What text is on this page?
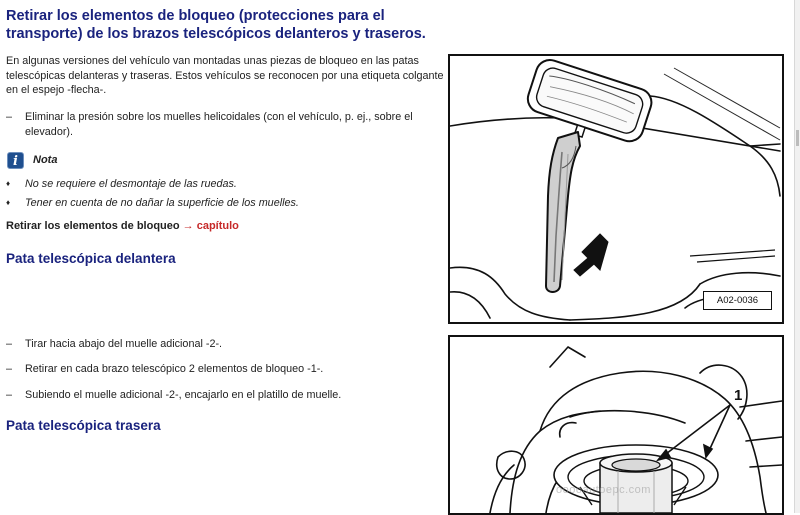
Retirar los elementos de bloqueo (protecciones para el transporte) de los brazos telescópicos delanteros y traseros.

En algunas versiones del vehículo van montadas unas piezas de bloqueo en las patas telescópicas delanteras y traseras. Estos vehículos se reconocen por una etiqueta colgante en el espejo -flecha-.

– Eliminar la presión sobre los muelles helicoidales (con el vehículo, p. ej., sobre el elevador).
i	Nota
♦ No se requiere el desmontaje de las ruedas.
♦ Tener en cuenta de no dañar la superficie de los muelles.
Retirar los elementos de bloqueo → capítulo
Pata telescópica delantera
– Tirar hacia abajo del muelle adicional -2-.
– Retirar en cada brazo telescópico 2 elementos de bloqueo -1-.
– Subiendo el muelle adicional -2-, encajarlo en el platillo de muelle.
Pata telescópica trasera
A02-0036
1
ooooautoepc.com
